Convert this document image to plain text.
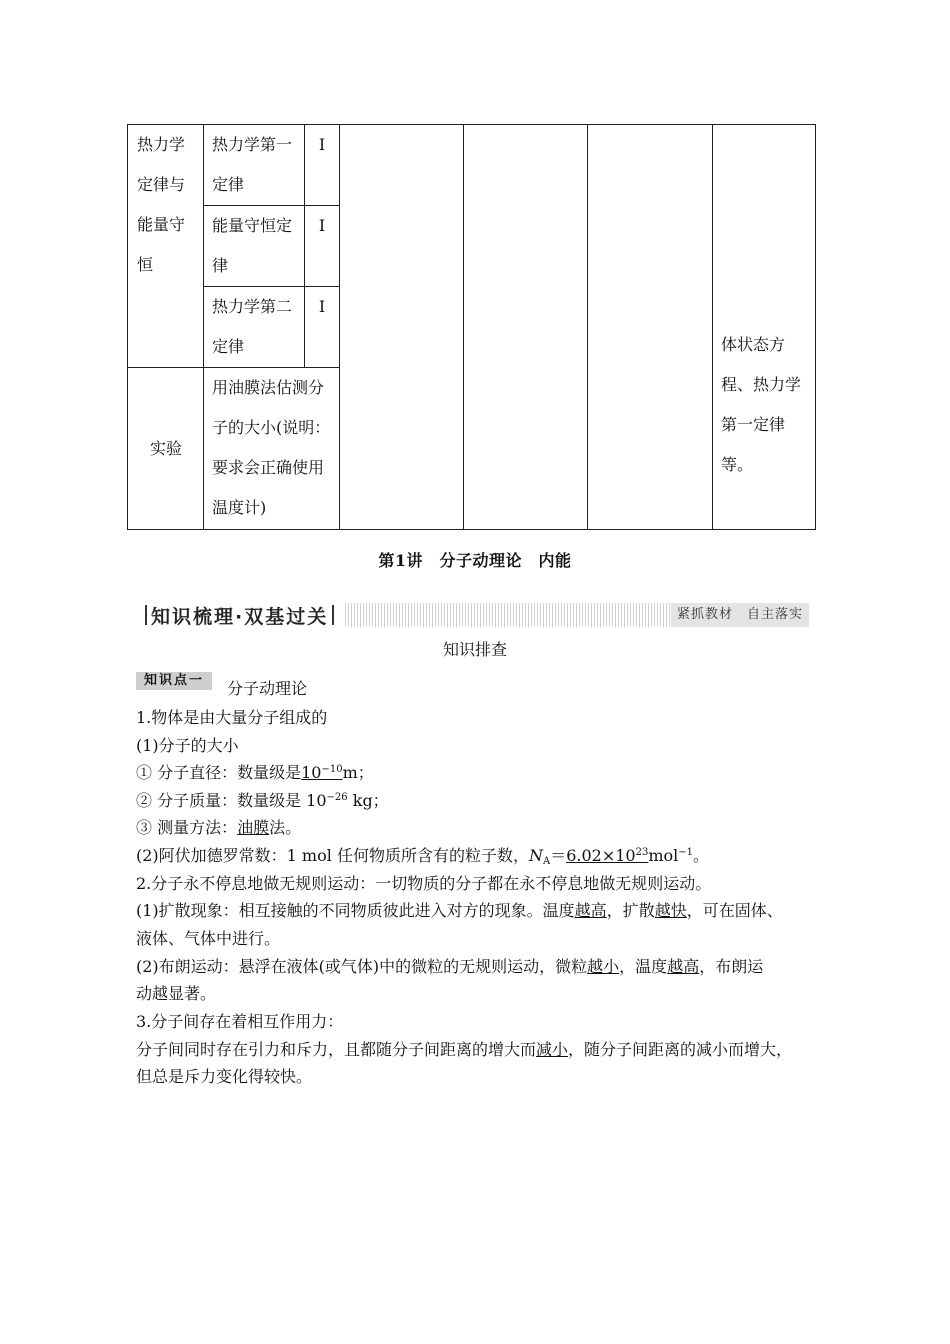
热力学定律与能量守恒	热力学第一定律	Ⅰ				体状态方程、热力学第一定律等。

	能量守恒定律	Ⅰ				
	热力学第二定律	Ⅰ				
实验	用油膜法估测分子的大小(说明：要求会正确使用温度计)					
第1讲　分子动理论　内能
知识梳理·双基过关	紧抓教材　自主落实
知识排查
知识点一	分子动理论
1.物体是由大量分子组成的
(1)分子的大小
① 分子直径：数量级是$10^{-10}m$；
② 分子质量：数量级是 $10^{-26}$ kg；
③ 测量方法：油膜法。
(2)阿伏加德罗常数：1 mol 任何物质所含有的粒子数，$N_A=6.02\times 10^{23}mol^{-1}$。
2.分子永不停息地做无规则运动：一切物质的分子都在永不停息地做无规则运动。
(1)扩散现象：相互接触的不同物质彼此进入对方的现象。温度越高，扩散越快，可在固体、
液体、气体中进行。
(2)布朗运动：悬浮在液体(或气体)中的微粒的无规则运动，微粒越小，温度越高，布朗运
动越显著。
3.分子间存在着相互作用力：
分子间同时存在引力和斥力，且都随分子间距离的增大而减小，随分子间距离的减小而增大，
但总是斥力变化得较快。
